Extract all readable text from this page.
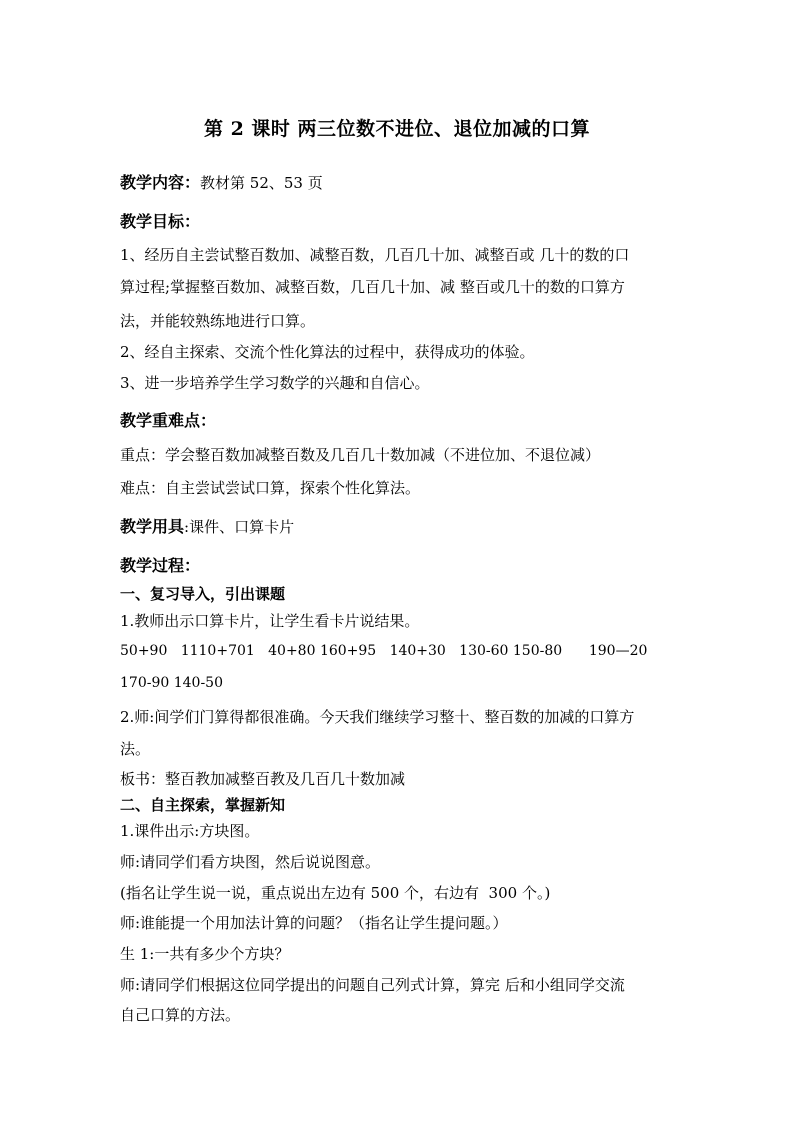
第 2 课时 两三位数不进位、退位加减的口算
教学内容：教材第 52、53 页
教学目标：
1、经历自主尝试整百数加、减整百数，几百几十加、减整百或 几十的数的口
算过程;掌握整百数加、减整百数，几百几十加、减 整百或几十的数的口算方
法，并能较熟练地进行口算。
2、经自主探索、交流个性化算法的过程中，获得成功的体验。
3、进一步培养学生学习数学的兴趣和自信心。
教学重难点：
重点：学会整百数加减整百数及几百几十数加减（不进位加、不退位减）
难点：自主尝试尝试口算，探索个性化算法。
教学用具:课件、口算卡片
教学过程：
一、复习导入，引出课题
1.教师出示口算卡片，让学生看卡片说结果。
50+90   1110+701   40+80 160+95   140+30   130-60 150-80      190—20
170-90 140-50
2.师:间学们门算得都很准确。今天我们继续学习整十、整百数的加减的口算方
法。
板书：整百教加减整百教及几百几十数加减
二、自主探索，掌握新知
1.课件出示:方块图。
师:请同学们看方块图，然后说说图意。
(指名让学生说一说，重点说出左边有 500 个，右边有  300 个。)
师:谁能提一个用加法计算的问题？（指名让学生提问题。）
生 1:一共有多少个方块？
师:请同学们根据这位同学提出的问题自己列式计算，算完 后和小组同学交流
自己口算的方法。
